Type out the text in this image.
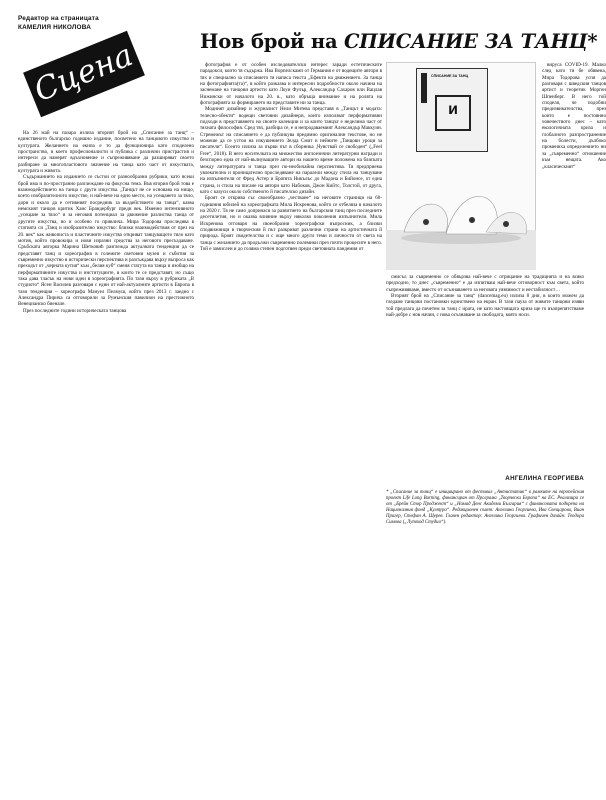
Редактор на страницата
КАМЕЛИЯ НИКОЛОВА
Сцена	Нов брой на СПИСАНИЕ ЗА ТАНЦ*

На 26 май на пазара излиза вторият брой на „Списание за танц“ – единственото българско годишно издание, посветено на танцовото изкуство и културата. Желанието на екипа е то да функционира като споделено пространство, в което професионалисти и публика с различни пристрастия и интереси да намерят вдъхновение и съпреживяване да разширяват своето разбиране за многопластовото значение на танца като част от изкуствата, културата и живота.

Съдържанието на изданието се състои от разнообразни рубрики, като всеки брой има и по-пространно разглеждане на фокусна тема. Във втория брой това е взаимодействието на танца с други изкуства. „Танцът не се основава на нищо, което изобразителното изкуство, и най-вече на едно место, на усещането за тяло, дори и около да е сетивният посредник за въздействието на танца“, казва немският танцов критик Ханс Брандербург преди век. Именно интензивното „усещане за тяло“ и за неговия потенциал за движение разлиства танца от другите изкуства, но и особено го привлича. Мира Тодорова проследява в статията си „Танц и изобразително изкуство: близки взаимодействия от през на 20. век“ как живописта и пластичните изкуства откриват танцуващото тяло като мотив, който провокира и нови изразни средства за неговото пресъздаване. Сръбската авторка Марина Шетковић разглежда актуалната тенденция да се представят танц и хореография в големите световни музеи и събития за съвременно изкуство в исторически перспектива и разсъждава върху въпроса как преходът от „черната кутия“ към „белия куб“ сменя статута на танца и изобщо на перформативните изкуства и институциите, в които те се представят, но също така дава тласък на нови идеи в хореографията. По тази върху в рубриката „В студиото“ Ясен Василев разговаря с един от най-актуалните артисти в Европа в тази тенденция – хореографа Мануел Пелмуш, който през 2013 г. заедно с Александра Пирича са отговорили за Румънския павилион на престижното Венецианско биенале.

През последните години историческата танцова

фотография е от особен изследователски интерес заради естетическите парадокси, които тя съдържа. Ива Ворпелскамп от Германия е от водещите автори в тях и специално за списанието тя написа текста „Ефекти на движението. За танца на фотографията(та)“, в който разказва и интересни подробности около начина на заснемане на танцови артисти като Лоуи Фулър, Александър Сахаров или Вацлав Нижински от началото на 20. в., като обръща внимание и на ролята на фотографията за формирането на представите ни за танца.

Модният дизайнер и журналист Нели Митева представя в „Танцът в модата: телесно-обекти“ водещи световни дизайнери, които използват перформативни подходи в представянето на своите колекции и за които танцът е неделима част от тяхната философия. Сред тях, разбира се, е и непродаваемият Александър Маккуин. Стремежът на списанието е да публикува предимно оригинални текстове, но не можеше да се устои на изкушението Зелда Смит и нейните „Танцови уроци за писатели“. Есеито излиза за първи път в сборника „Чувствай се свободен“ („Feel Free“, 2018). В него носителката на множество англоезични литературни награди и безспорно една от най-вълнуващите автори на нашето време положена на бляската между литературата и танца през по-необичайна перспектива. Тя предприема увлекателно и проницателно проследяване на паралели между стила на танцуване на изпълнители от Фред Астер и Братята Никълъс до Мадона и Бийонсе, от една страна, и стила на писане на автори като Набоков, Джон Кийтс, Толстой, от друга, като с казуси около собственото й писателско дизайн.

Броят се открива със своеобразно „честване“ на неговите страници на 60-годишния юбилей на хореографката Мила Искренова, който се отбеляза в началото на 2020 г. Тя не само допринася за развитието на българския танц през последните десетилетия, но и оказва влияние върху няколко поколения изпълнители. Мила Искренова отговаря на своеобразни хореографски въпросник, а близки сподвижници в творческия й път разкриват различни страни на артистичната й природа. Броят свидетелства и с още много други теми и личности от света на танца с желанието да продължи съвременно полемики през почти процесите в него. Той е замислен и до голяма степен подготвен преди световната пандемия от

СПИСАНИЕ ЗА ТАНЦ
и

вируса COVID-19. Малко след като тя бе обявена, Мира Тодорова успя да разговаря с шведския танцов артист и теоретик Морген Шпенберг. В него той споделя, че подобни предизвикателства, през които е постоянно човечеството днес – като екологичната криза и глобалното разпространение на болести, дълбоко промениха определението ни за „съвременно“ отношение към нещата. Ако „класическият“

смисъл за съвременно се обвързва най-вече с отрицание на традицията и на всяко предходно, то днес „съвременно“ е да изпитваш най-вече отговорност към света, който съпреживяваме, вместо от осъзнаването за неговата уязвимост и нестабилност…

Вторият брой на „Списание за танц“ (dancemag.eu) излиза 8 дни, в които можем да гледаме танцови постановки единствено на екран. В тази пауза от живите танцови изяви той предлага да почетем за танц с ирата, не като настоящата криза ще го възпрепятстваме най-добре с нов начин, с нова осъзнаване за свободата, която носи.

АНГЕЛИНА ГЕОРГИЕВА
* „Списание за танц“ е инициирано от фестивал „Антистатик“ в рамките на европейския проект Life Long Burning, финансиран от Програма „Творческа Европа“ на ЕС. Реализира се от „Брейн Стор Проджект“ и „Номад Денс Академи България“ с финансовата подкрепа на Националния фонд „Култура“. Редакционен съвет: Ангелина Георгиева, Ива Свещарова, Виан Прагер, Стефан А. Щерев. Главен редактор: Ангелина Георгиева. Графичен дизайн: Теодора Симова („Лупоход Студио“).
